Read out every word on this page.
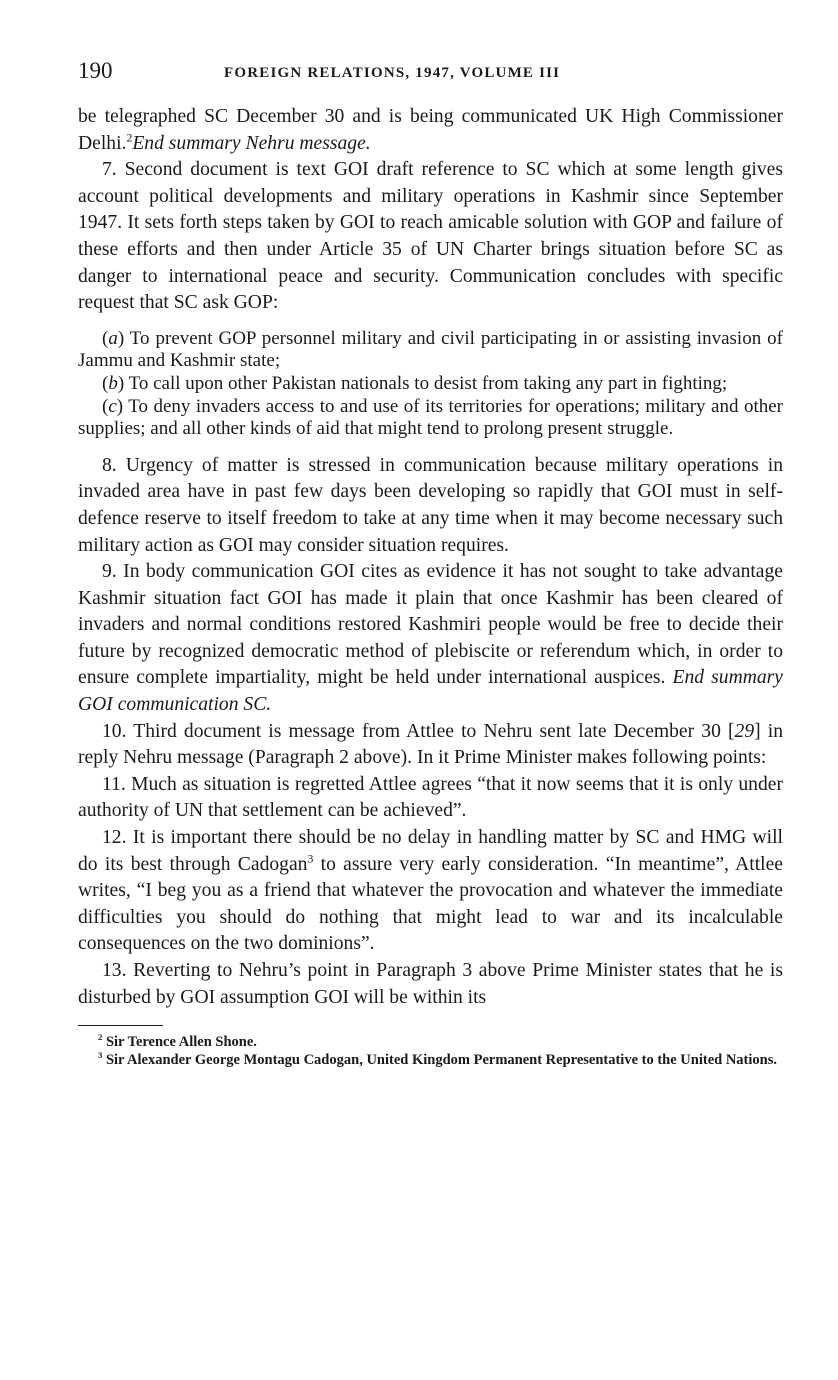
190	FOREIGN RELATIONS, 1947, VOLUME III

be telegraphed SC December 30 and is being communicated UK High Commissioner Delhi.$^2$End summary Nehru message.

7. Second document is text GOI draft reference to SC which at some length gives account political developments and military operations in Kashmir since September 1947. It sets forth steps taken by GOI to reach amicable solution with GOP and failure of these efforts and then under Article 35 of UN Charter brings situation before SC as danger to international peace and security. Communication concludes with specific request that SC ask GOP:

(a) To prevent GOP personnel military and civil participating in or assisting invasion of Jammu and Kashmir state;

(b) To call upon other Pakistan nationals to desist from taking any part in fighting;

(c) To deny invaders access to and use of its territories for operations; military and other supplies; and all other kinds of aid that might tend to prolong present struggle.

8. Urgency of matter is stressed in communication because military operations in invaded area have in past few days been developing so rapidly that GOI must in self-defence reserve to itself freedom to take at any time when it may become necessary such military action as GOI may consider situation requires.

9. In body communication GOI cites as evidence it has not sought to take advantage Kashmir situation fact GOI has made it plain that once Kashmir has been cleared of invaders and normal conditions restored Kashmiri people would be free to decide their future by recognized democratic method of plebiscite or referendum which, in order to ensure complete impartiality, might be held under international auspices. End summary GOI communication SC.

10. Third document is message from Attlee to Nehru sent late December 30 [29] in reply Nehru message (Paragraph 2 above). In it Prime Minister makes following points:

11. Much as situation is regretted Attlee agrees “that it now seems that it is only under authority of UN that settlement can be achieved”.

12. It is important there should be no delay in handling matter by SC and HMG will do its best through Cadogan$^3$ to assure very early consideration. “In meantime”, Attlee writes, “I beg you as a friend that whatever the provocation and whatever the immediate difficulties you should do nothing that might lead to war and its incalculable consequences on the two dominions”.

13. Reverting to Nehru’s point in Paragraph 3 above Prime Minister states that he is disturbed by GOI assumption GOI will be within its

$^2$ Sir Terence Allen Shone.

$^3$ Sir Alexander George Montagu Cadogan, United Kingdom Permanent Representative to the United Nations.
